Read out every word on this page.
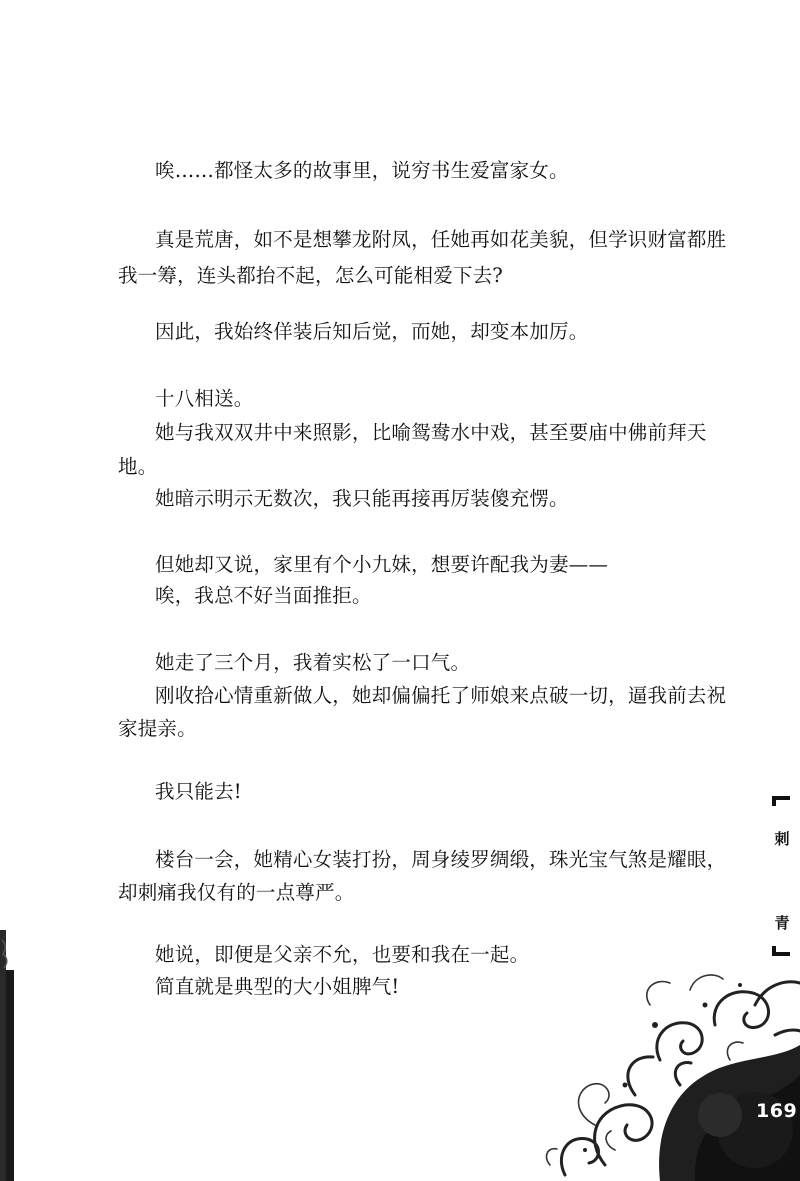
唉……都怪太多的故事里，说穷书生爱富家女。
真是荒唐，如不是想攀龙附凤，任她再如花美貌，但学识财富都胜
我一筹，连头都抬不起，怎么可能相爱下去?
因此，我始终佯装后知后觉，而她，却变本加厉。
十八相送。
她与我双双井中来照影，比喻鸳鸯水中戏，甚至要庙中佛前拜天
地。
她暗示明示无数次，我只能再接再厉装傻充愣。
但她却又说，家里有个小九妹，想要许配我为妻——
唉，我总不好当面推拒。
她走了三个月，我着实松了一口气。
刚收拾心情重新做人，她却偏偏托了师娘来点破一切，逼我前去祝
家提亲。
我只能去!
楼台一会，她精心女装打扮，周身绫罗绸缎，珠光宝气煞是耀眼，
却刺痛我仅有的一点尊严。
她说，即便是父亲不允，也要和我在一起。
简直就是典型的大小姐脾气!
刺
青
169
